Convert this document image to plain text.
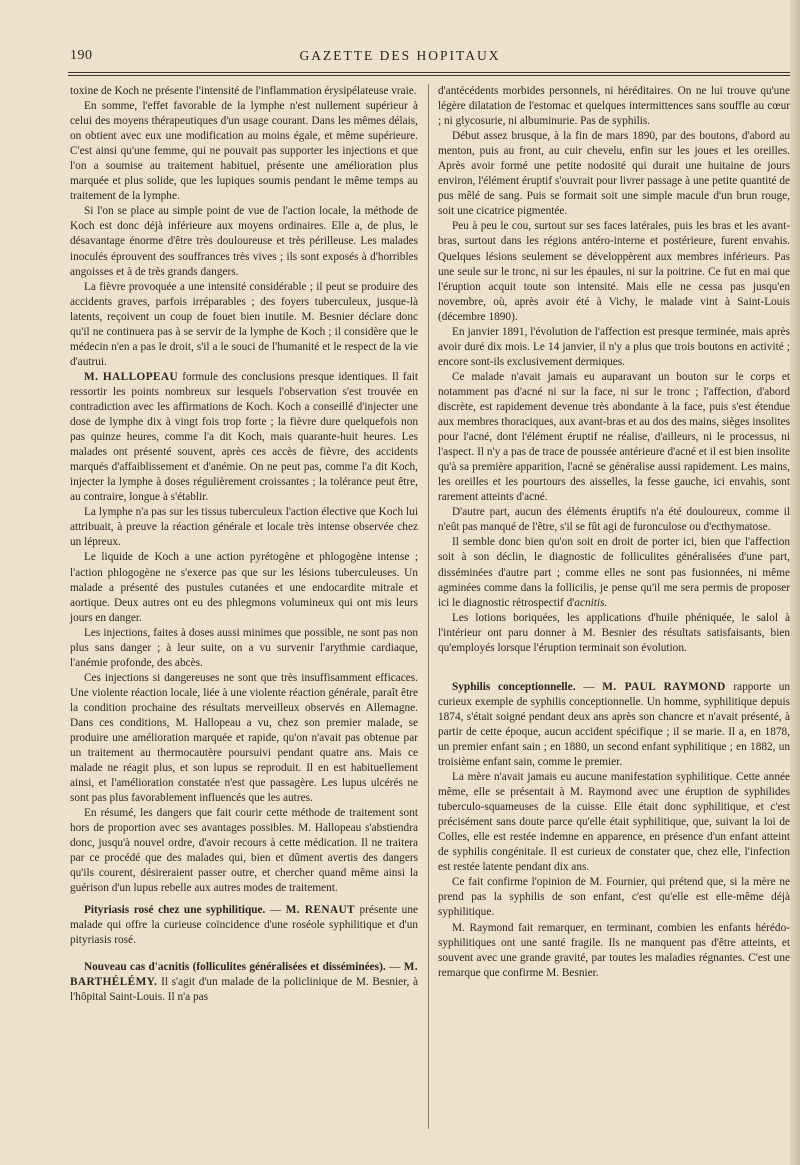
190	GAZETTE DES HOPITAUX

toxine de Koch ne présente l'intensité de l'inflammation érysipélateuse vraie.

En somme, l'effet favorable de la lymphe n'est nullement supérieur à celui des moyens thérapeutiques d'un usage courant. Dans les mêmes délais, on obtient avec eux une modification au moins égale, et même supérieure. C'est ainsi qu'une femme, qui ne pouvait pas supporter les injections et que l'on a soumise au traitement habituel, présente une amélioration plus marquée et plus solide, que les lupiques soumis pendant le même temps au traitement de la lymphe.

Si l'on se place au simple point de vue de l'action locale, la méthode de Koch est donc déjà inférieure aux moyens ordinaires. Elle a, de plus, le désavantage énorme d'être très douloureuse et très périlleuse. Les malades inoculés éprouvent des souffrances très vives ; ils sont exposés à d'horribles angoisses et à de très grands dangers.

La fièvre provoquée a une intensité considérable ; il peut se produire des accidents graves, parfois irréparables ; des foyers tuberculeux, jusque-là latents, reçoivent un coup de fouet bien inutile. M. Besnier déclare donc qu'il ne continuera pas à se servir de la lymphe de Koch ; il considère que le médecin n'en a pas le droit, s'il a le souci de l'humanité et le respect de la vie d'autrui.

M. HALLOPEAU formule des conclusions presque identiques. Il fait ressortir les points nombreux sur lesquels l'observation s'est trouvée en contradiction avec les affirmations de Koch. Koch a conseillé d'injecter une dose de lymphe dix à vingt fois trop forte ; la fièvre dure quelquefois non pas quinze heures, comme l'a dit Koch, mais quarante-huit heures. Les malades ont présenté souvent, après ces accès de fièvre, des accidents marqués d'affaiblissement et d'anémie. On ne peut pas, comme l'a dit Koch, injecter la lymphe à doses régulièrement croissantes ; la tolérance peut être, au contraire, longue à s'établir.

La lymphe n'a pas sur les tissus tuberculeux l'action élective que Koch lui attribuait, à preuve la réaction générale et locale très intense observée chez un lépreux.

Le liquide de Koch a une action pyrétogène et phlogogène intense ; l'action phlogogène ne s'exerce pas que sur les lésions tuberculeuses. Un malade a présenté des pustules cutanées et une endocardite mitrale et aortique. Deux autres ont eu des phlegmons volumineux qui ont mis leurs jours en danger.

Les injections, faites à doses aussi minimes que possible, ne sont pas non plus sans danger ; à leur suite, on a vu survenir l'arythmie cardiaque, l'anémie profonde, des abcès.

Ces injections si dangereuses ne sont que très insuffisamment efficaces. Une violente réaction locale, liée à une violente réaction générale, paraît être la condition prochaine des résultats merveilleux observés en Allemagne. Dans ces conditions, M. Hallopeau a vu, chez son premier malade, se produire une amélioration marquée et rapide, qu'on n'avait pas obtenue par un traitement au thermocautère poursuivi pendant quatre ans. Mais ce malade ne réagit plus, et son lupus se reproduit. Il en est habituellement ainsi, et l'amélioration constatée n'est que passagère. Les lupus ulcérés ne sont pas plus favorablement influencés que les autres.

En résumé, les dangers que fait courir cette méthode de traitement sont hors de proportion avec ses avantages possibles. M. Hallopeau s'abstiendra donc, jusqu'à nouvel ordre, d'avoir recours à cette médication. Il ne traitera par ce procédé que des malades qui, bien et dûment avertis des dangers qu'ils courent, désireraient passer outre, et chercher quand même ainsi la guérison d'un lupus rebelle aux autres modes de traitement.

Pityriasis rosé chez une syphilitique. — M. RENAUT présente une malade qui offre la curieuse coïncidence d'une roséole syphilitique et d'un pityriasis rosé.

Nouveau cas d'acnitis (folliculites généralisées et disséminées). — M. BARTHÉLÉMY. Il s'agit d'un malade de la policlinique de M. Besnier, à l'hôpital Saint-Louis. Il n'a pas

d'antécédents morbides personnels, ni héréditaires. On ne lui trouve qu'une légère dilatation de l'estomac et quelques intermittences sans souffle au cœur ; ni glycosurie, ni albuminurie. Pas de syphilis.

Début assez brusque, à la fin de mars 1890, par des boutons, d'abord au menton, puis au front, au cuir chevelu, enfin sur les joues et les oreilles. Après avoir formé une petite nodosité qui durait une huitaine de jours environ, l'élément éruptif s'ouvrait pour livrer passage à une petite quantité de pus mêlé de sang. Puis se formait soit une simple macule d'un brun rouge, soit une cicatrice pigmentée.

Peu à peu le cou, surtout sur ses faces latérales, puis les bras et les avant-bras, surtout dans les régions antéro-interne et postérieure, furent envahis. Quelques lésions seulement se développèrent aux membres inférieurs. Pas une seule sur le tronc, ni sur les épaules, ni sur la poitrine. Ce fut en mai que l'éruption acquit toute son intensité. Mais elle ne cessa pas jusqu'en novembre, où, après avoir été à Vichy, le malade vint à Saint-Louis (décembre 1890).

En janvier 1891, l'évolution de l'affection est presque terminée, mais après avoir duré dix mois. Le 14 janvier, il n'y a plus que trois boutons en activité ; encore sont-ils exclusivement dermiques.

Ce malade n'avait jamais eu auparavant un bouton sur le corps et notamment pas d'acné ni sur la face, ni sur le tronc ; l'affection, d'abord discrète, est rapidement devenue très abondante à la face, puis s'est étendue aux membres thoraciques, aux avant-bras et au dos des mains, sièges insolites pour l'acné, dont l'élément éruptif ne réalise, d'ailleurs, ni le processus, ni l'aspect. Il n'y a pas de trace de poussée antérieure d'acné et il est bien insolite qu'à sa première apparition, l'acné se généralise aussi rapidement. Les mains, les oreilles et les pourtours des aisselles, la fesse gauche, ici envahis, sont rarement atteints d'acné.

D'autre part, aucun des éléments éruptifs n'a été douloureux, comme il n'eût pas manqué de l'être, s'il se fût agi de furonculose ou d'ecthymatose.

Il semble donc bien qu'on soit en droit de porter ici, bien que l'affection soit à son déclin, le diagnostic de folliculites généralisées d'une part, disséminées d'autre part ; comme elles ne sont pas fusionnées, ni même agminées comme dans la follicilis, je pense qu'il me sera permis de proposer ici le diagnostic rétrospectif d'acnitis.

Les lotions boriquées, les applications d'huile phéniquée, le salol à l'intérieur ont paru donner à M. Besnier des résultats satisfaisants, bien qu'employés lorsque l'éruption terminait son évolution.

Syphilis conceptionnelle. — M. PAUL RAYMOND rapporte un curieux exemple de syphilis conceptionnelle. Un homme, syphilitique depuis 1874, s'était soigné pendant deux ans après son chancre et n'avait présenté, à partir de cette époque, aucun accident spécifique ; il se marie. Il a, en 1878, un premier enfant sain ; en 1880, un second enfant syphilitique ; en 1882, un troisième enfant sain, comme le premier.

La mère n'avait jamais eu aucune manifestation syphilitique. Cette année même, elle se présentait à M. Raymond avec une éruption de syphilides tuberculo-squameuses de la cuisse. Elle était donc syphilitique, et c'est précisément sans doute parce qu'elle était syphilitique, que, suivant la loi de Colles, elle est restée indemne en apparence, en présence d'un enfant atteint de syphilis congénitale. Il est curieux de constater que, chez elle, l'infection est restée latente pendant dix ans.

Ce fait confirme l'opinion de M. Fournier, qui prétend que, si la mère ne prend pas la syphilis de son enfant, c'est qu'elle est elle-même déjà syphilitique.

M. Raymond fait remarquer, en terminant, combien les enfants hérédo-syphilitiques ont une santé fragile. Ils ne manquent pas d'être atteints, et souvent avec une grande gravité, par toutes les maladies régnantes. C'est une remarque que confirme M. Besnier.
